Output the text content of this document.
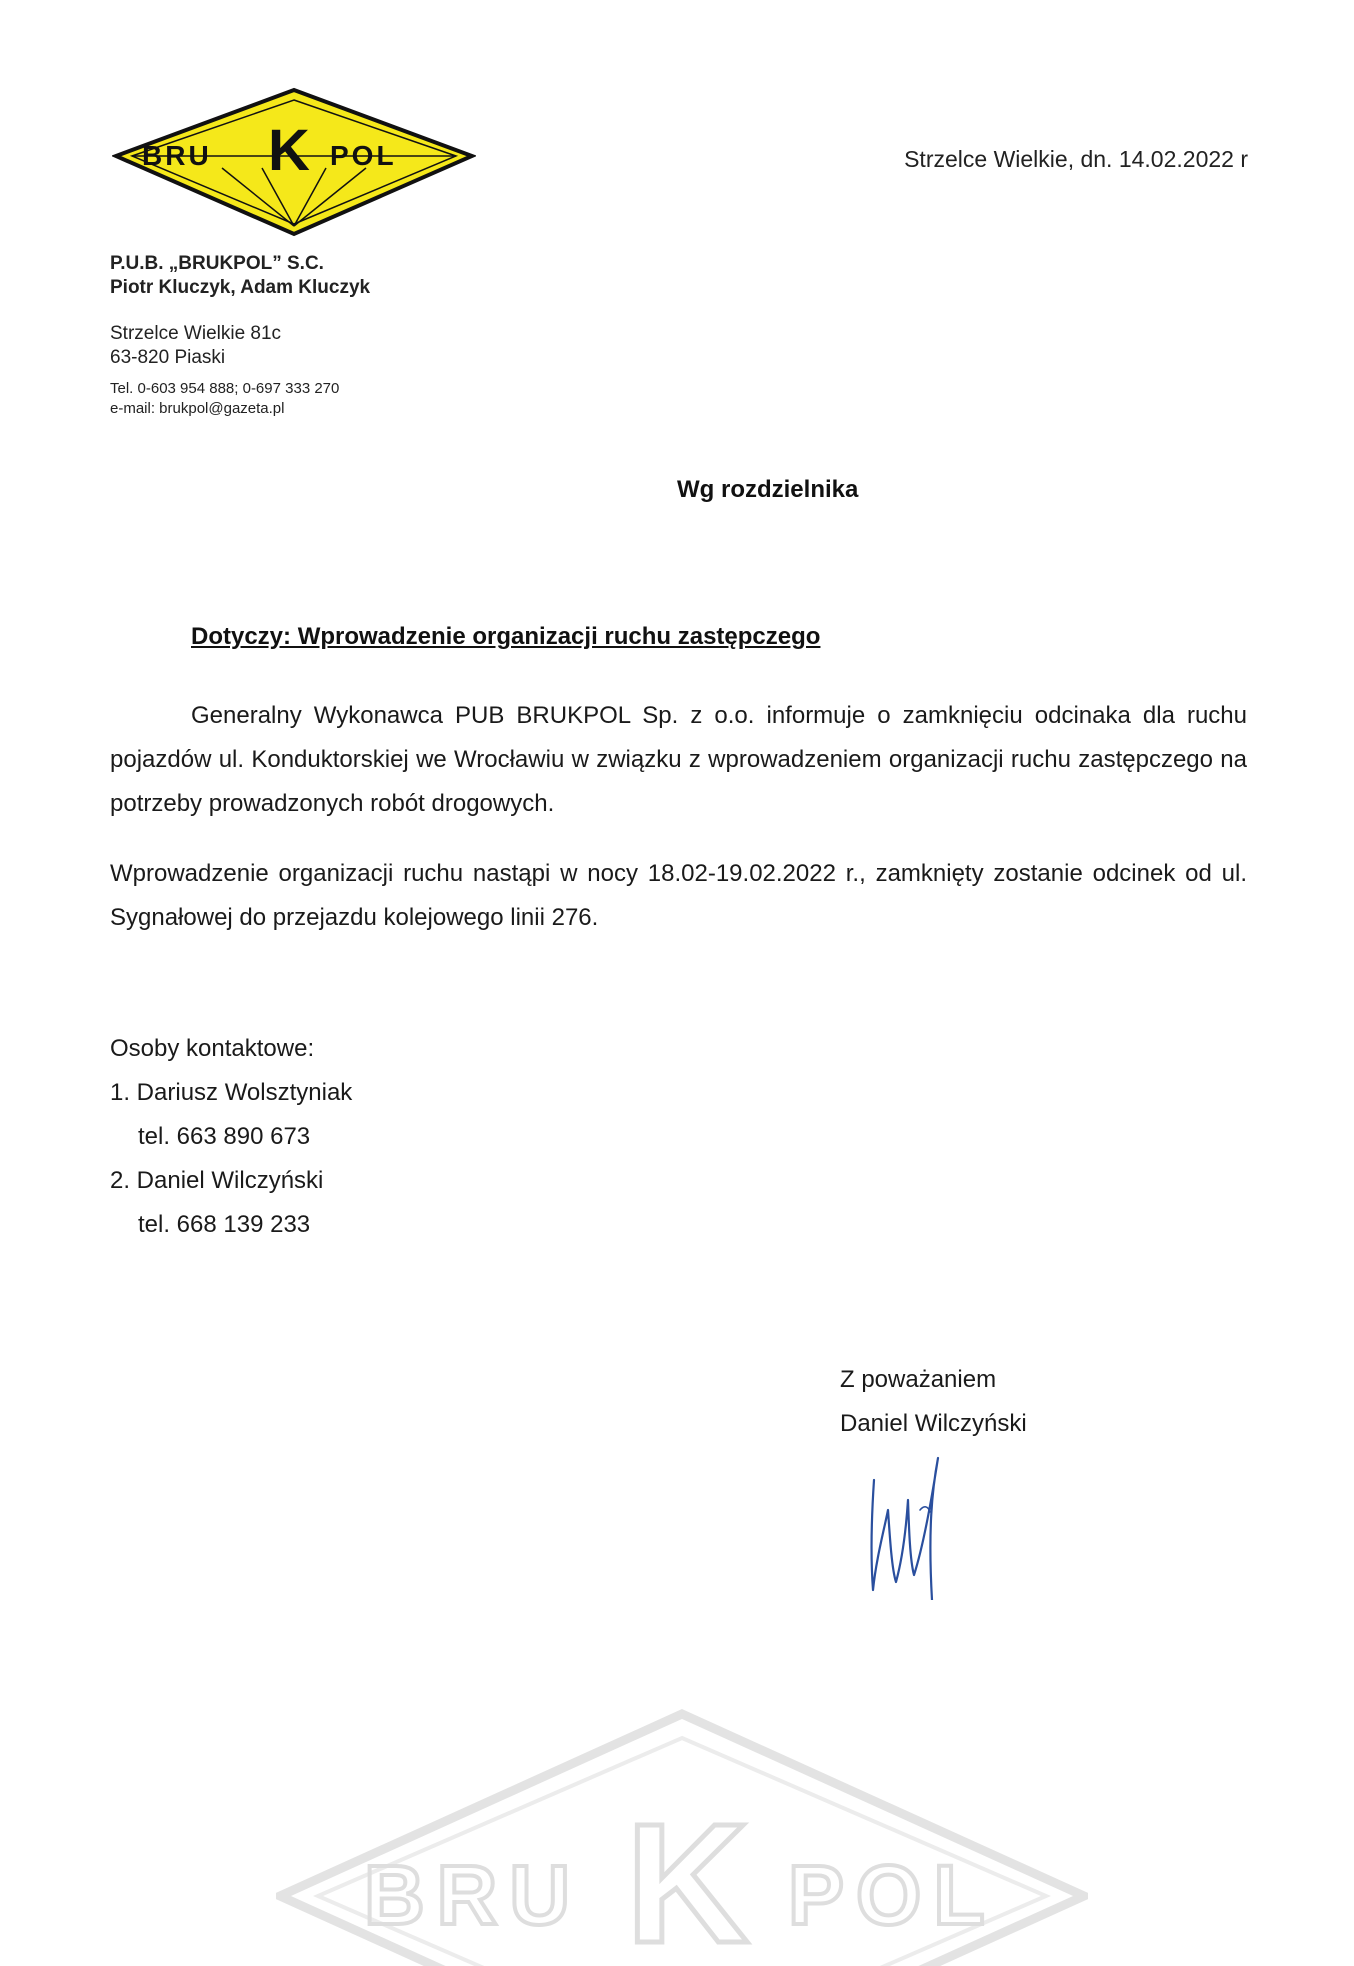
BRU K POL
P.U.B. „BRUKPOL” S.C.
Piotr Kluczyk, Adam Kluczyk
Strzelce Wielkie 81c
63-820 Piaski
Tel. 0-603 954 888; 0-697 333 270
e-mail: brukpol@gazeta.pl
Strzelce Wielkie, dn. 14.02.2022 r
Wg rozdzielnika
Dotyczy: Wprowadzenie organizacji ruchu zastępczego
Generalny Wykonawca PUB BRUKPOL Sp. z o.o. informuje o zamknięciu odcinaka dla ruchu pojazdów ul. Konduktorskiej we Wrocławiu w związku z wprowadzeniem organizacji ruchu zastępczego na potrzeby prowadzonych robót drogowych.
Wprowadzenie organizacji ruchu nastąpi w nocy 18.02-19.02.2022 r., zamknięty zostanie odcinek od ul. Sygnałowej do przejazdu kolejowego linii 276.
Osoby kontaktowe:
1. Dariusz Wolsztyniak
tel. 663 890 673
2. Daniel Wilczyński
tel. 668 139 233
Z poważaniem
Daniel Wilczyński
BRU K POL
